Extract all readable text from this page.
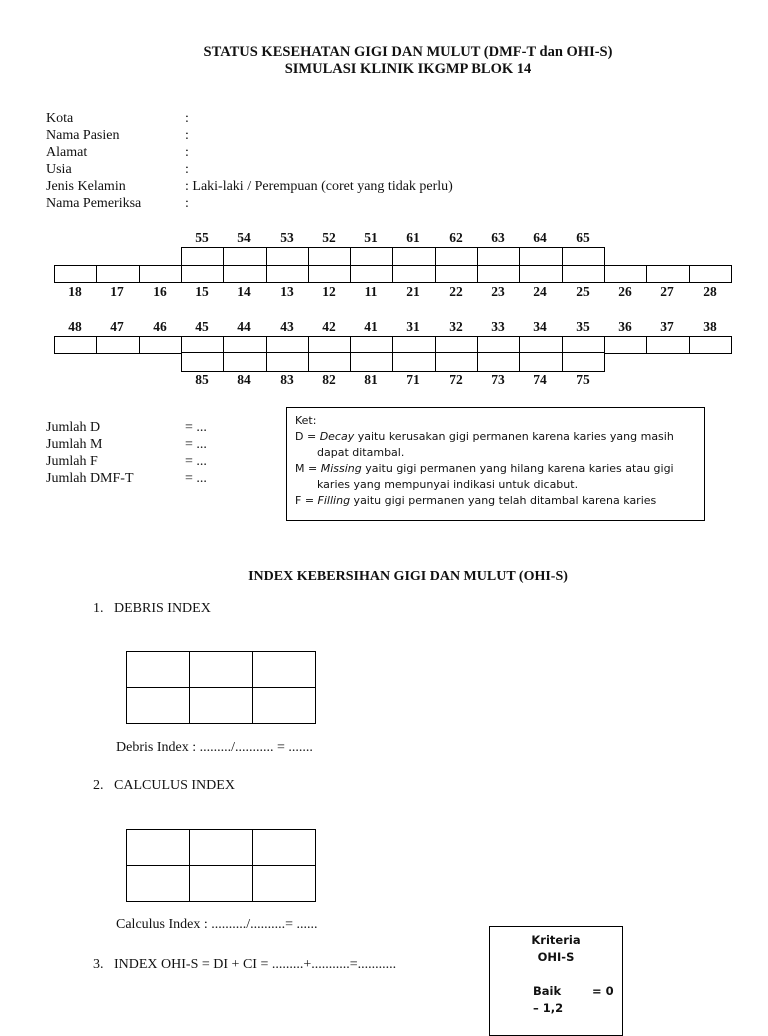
STATUS KESEHATAN GIGI DAN MULUT (DMF-T dan OHI-S)
SIMULASI KLINIK IKGMP BLOK 14
Kota	:
Nama Pasien	:
Alamat	:
Usia	:
Jenis Kelamin	: Laki-laki / Perempuan (coret yang tidak perlu)
Nama Pemeriksa	:
55	54	53	52	51	61	62	63	64	65
18	17	16	15	14	13	12	11	21	22	23	24	25	26	27	28
48	47	46	45	44	43	42	41	31	32	33	34	35	36	37	38
85	84	83	82	81	71	72	73	74	75
Jumlah D	= ...
Jumlah M	= ...
Jumlah F	= ...
Jumlah DMF-T	= ...

Ket:

D = Decay yaitu kerusakan gigi permanen karena karies yang masih dapat ditambal.

M = Missing yaitu gigi permanen yang hilang karena karies atau gigi karies yang mempunyai indikasi untuk dicabut.

F = Filling yaitu gigi permanen yang telah ditambal karena karies

INDEX KEBERSIHAN GIGI DAN MULUT (OHI-S)
1.   DEBRIS INDEX

Debris Index : ........./........... = .......
2.   CALCULUS INDEX

Calculus Index : ........../..........= ......
3.   INDEX OHI-S = DI + CI = .........+...........=...........
Kriteria
OHI-S
Baik	= 0
– 1,2
